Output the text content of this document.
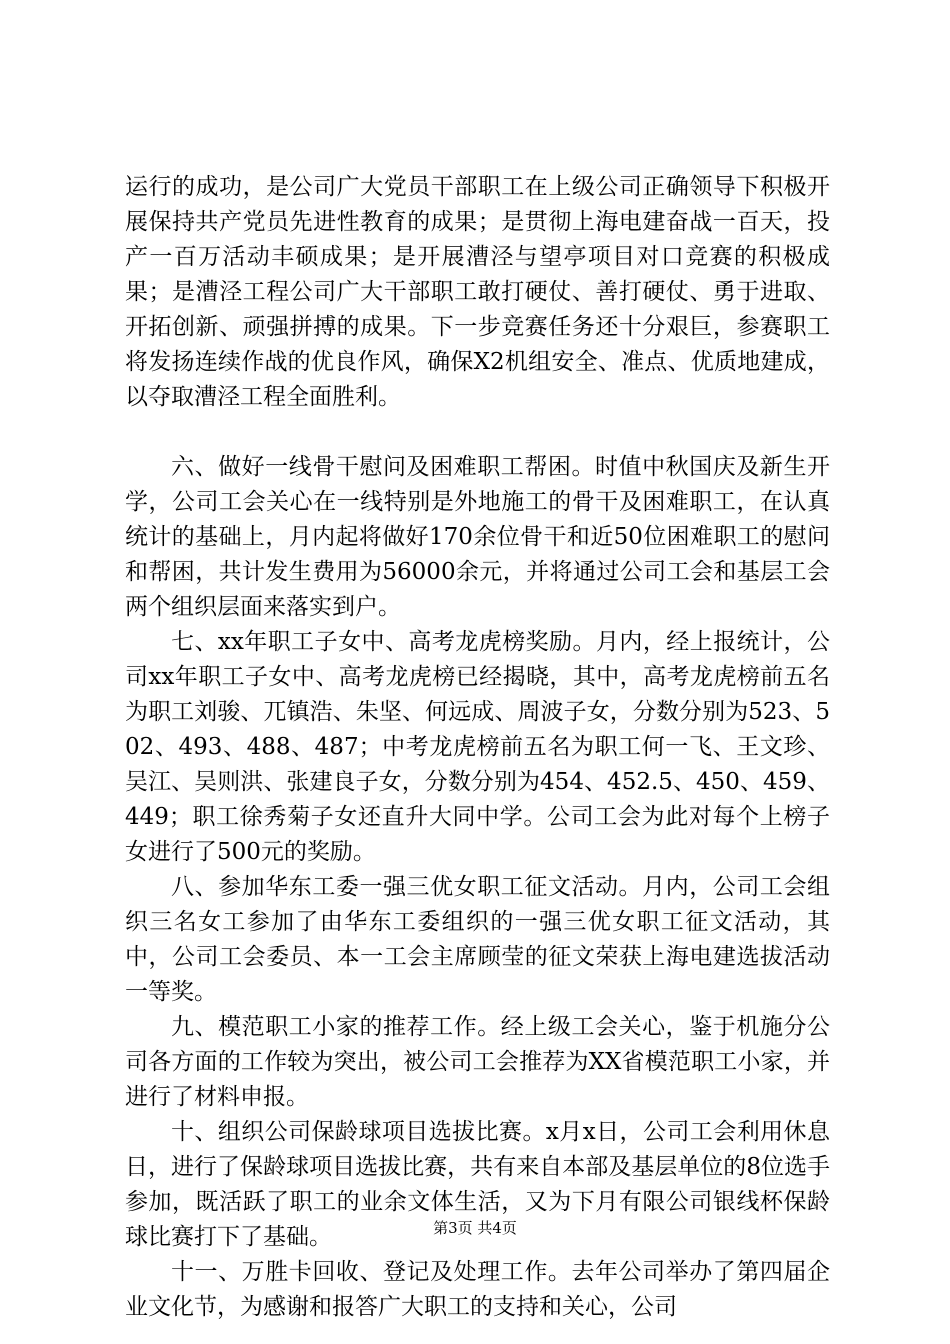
运行的成功，是公司广大党员干部职工在上级公司正确领导下积极开展保持共产党员先进性教育的成果；是贯彻上海电建奋战一百天，投产一百万活动丰硕成果；是开展漕泾与望亭项目对口竞赛的积极成果；是漕泾工程公司广大干部职工敢打硬仗、善打硬仗、勇于进取、开拓创新、顽强拼搏的成果。下一步竞赛任务还十分艰巨，参赛职工将发扬连续作战的优良作风，确保X2机组安全、准点、优质地建成，以夺取漕泾工程全面胜利。

六、做好一线骨干慰问及困难职工帮困。时值中秋国庆及新生开学，公司工会关心在一线特别是外地施工的骨干及困难职工，在认真统计的基础上，月内起将做好170余位骨干和近50位困难职工的慰问和帮困，共计发生费用为56000余元，并将通过公司工会和基层工会两个组织层面来落实到户。

七、xx年职工子女中、高考龙虎榜奖励。月内，经上报统计，公司xx年职工子女中、高考龙虎榜已经揭晓，其中，高考龙虎榜前五名为职工刘骏、兀镇浩、朱坚、何远成、周波子女，分数分别为523、502、493、488、487；中考龙虎榜前五名为职工何一飞、王文珍、吴江、吴则洪、张建良子女，分数分别为454、452.5、450、459、449；职工徐秀菊子女还直升大同中学。公司工会为此对每个上榜子女进行了500元的奖励。

八、参加华东工委一强三优女职工征文活动。月内，公司工会组织三名女工参加了由华东工委组织的一强三优女职工征文活动，其中，公司工会委员、本一工会主席顾莹的征文荣获上海电建选拔活动一等奖。

九、模范职工小家的推荐工作。经上级工会关心，鉴于机施分公司各方面的工作较为突出，被公司工会推荐为XX省模范职工小家，并进行了材料申报。

十、组织公司保龄球项目选拔比赛。x月x日，公司工会利用休息日，进行了保龄球项目选拔比赛，共有来自本部及基层单位的8位选手参加，既活跃了职工的业余文体生活，又为下月有限公司银线杯保龄球比赛打下了基础。

十一、万胜卡回收、登记及处理工作。去年公司举办了第四届企业文化节，为感谢和报答广大职工的支持和关心，公司

第3页 共4页
